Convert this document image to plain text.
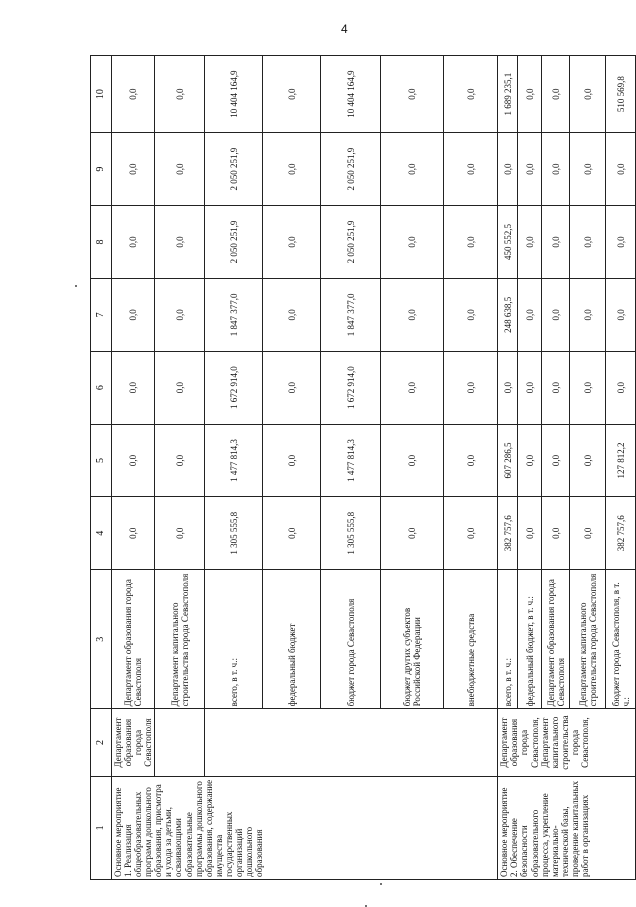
4
1	2	3	4	5	6	7	8	9	10
Основное мероприятие 1. Реализация общеобразовательных программ дошкольного образования, присмотра и ухода за детьми, осваивающими образовательные программы дошкольного образования, содержание имущества государственных организаций дошкольного образования	Департамент образования города Севастополя	Департамент образования города Севастополя	0,0	0,0	0,0	0,0	0,0	0,0	0,0
		Департамент капитального строительства города Севастополя	0,0	0,0	0,0	0,0	0,0	0,0	0,0
		всего, в т. ч.:	1 305 555,8	1 477 814,3	1 672 914,0	1 847 377,0	2 050 251,9	2 050 251,9	10 404 164,9
		федеральный бюджет	0,0	0,0	0,0	0,0	0,0	0,0	0,0
		бюджет города Севастополя	1 305 555,8	1 477 814,3	1 672 914,0	1 847 377,0	2 050 251,9	2 050 251,9	10 404 164,9
		бюджет других субъектов Российской Федерации	0,0	0,0	0,0	0,0	0,0	0,0	0,0
		внебюджетные средства	0,0	0,0	0,0	0,0	0,0	0,0	0,0
Основное мероприятие 2. Обеспечение безопасности образовательного процесса, укрепление материально-технической базы, проведение капитальных работ в организациях	Департамент образования города Севастополя, Департамент капитального строительства города Севастополя,	всего, в т. ч.:	382 757,6	607 286,5	0,0	248 638,5	450 552,5	0,0	1 689 235,1
		федеральный бюджет, в т. ч.:	0,0	0,0	0,0	0,0	0,0	0,0	0,0
		Департамент образования города Севастополя	0,0	0,0	0,0	0,0	0,0	0,0	0,0
		Департамент капитального строительства города Севастополя	0,0	0,0	0,0	0,0	0,0	0,0	0,0
		бюджет города Севастополя, в т. ч.:	382 757,6	127 812,2	0,0	0,0	0,0	0,0	510 569,8
